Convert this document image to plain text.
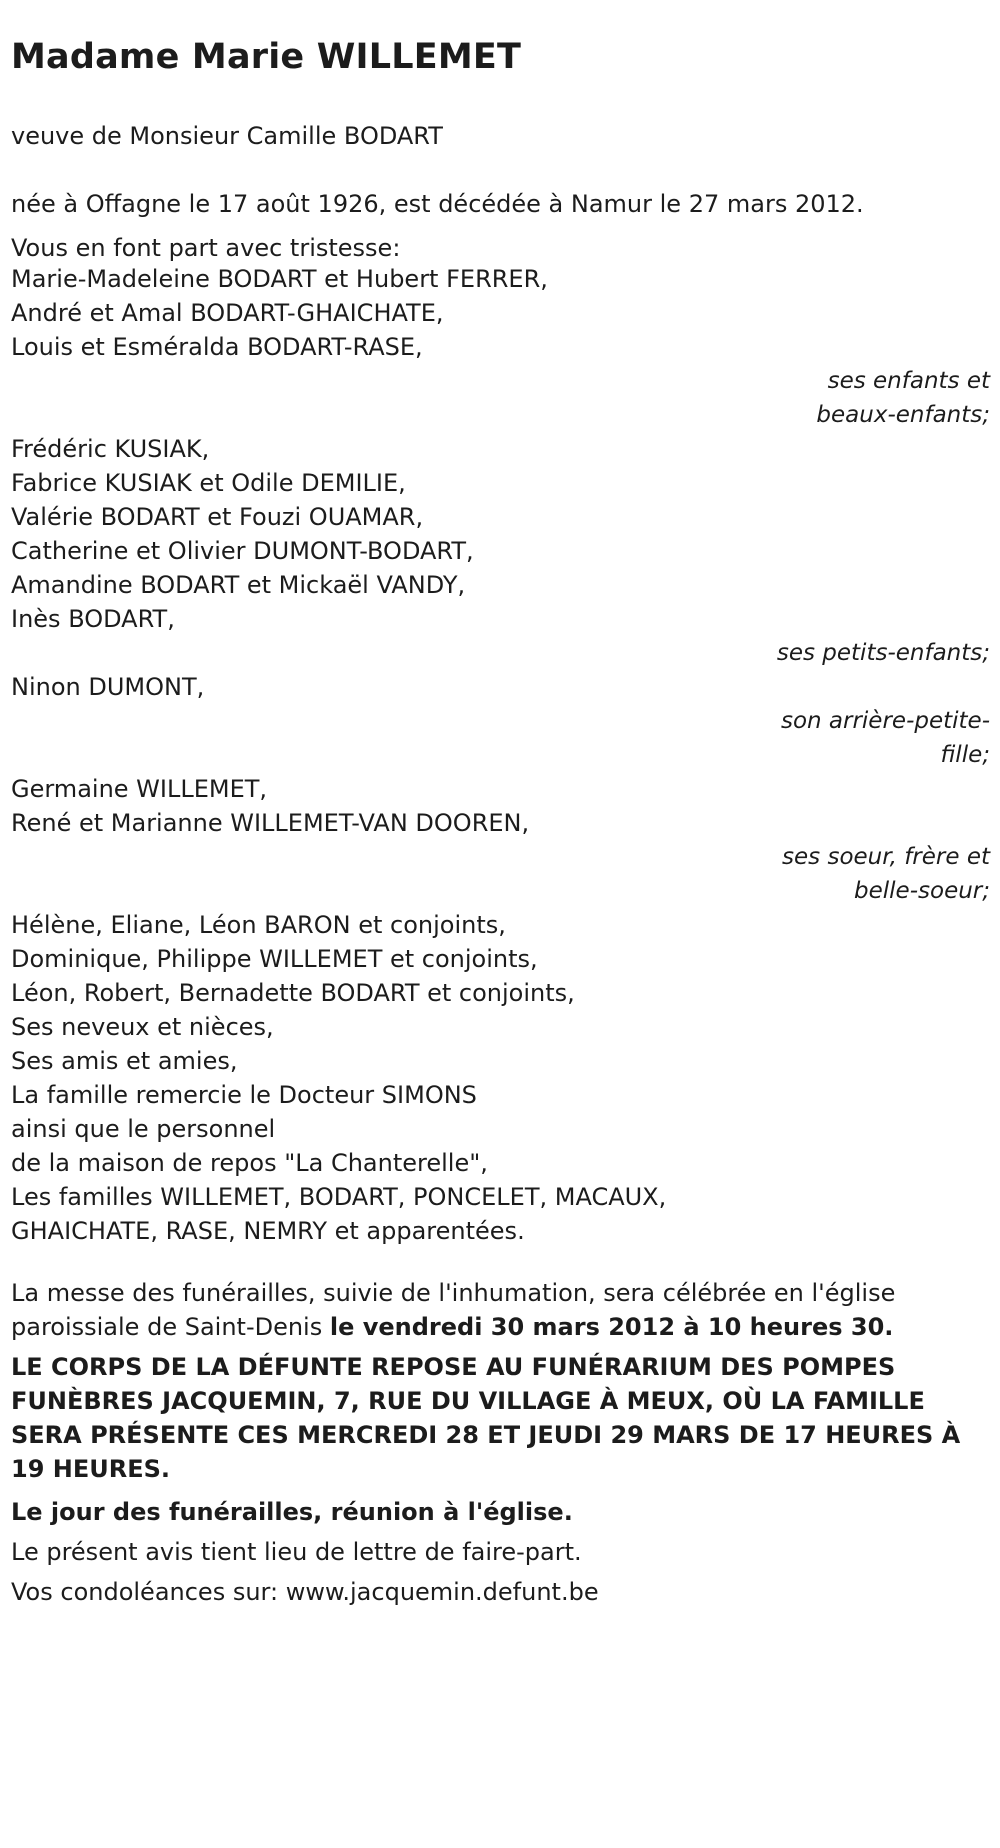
Madame Marie WILLEMET

veuve de Monsieur Camille BODART

née à Offagne le 17 août 1926, est décédée à Namur le 27 mars 2012.

Vous en font part avec tristesse:

Marie-Madeleine BODART et Hubert FERRER,
André et Amal BODART-GHAICHATE,
Louis et Esméralda BODART-RASE,
ses enfants et
beaux-enfants;
Frédéric KUSIAK,
Fabrice KUSIAK et Odile DEMILIE,
Valérie BODART et Fouzi OUAMAR,
Catherine et Olivier DUMONT-BODART,
Amandine BODART et Mickaël VANDY,
Inès BODART,
ses petits-enfants;
Ninon DUMONT,
son arrière-petite-
fille;
Germaine WILLEMET,
René et Marianne WILLEMET-VAN DOOREN,
ses soeur, frère et
belle-soeur;
Hélène, Eliane, Léon BARON et conjoints,
Dominique, Philippe WILLEMET et conjoints,
Léon, Robert, Bernadette BODART et conjoints,
Ses neveux et nièces,
Ses amis et amies,
La famille remercie le Docteur SIMONS
ainsi que le personnel
de la maison de repos "La Chanterelle",
Les familles WILLEMET, BODART, PONCELET, MACAUX,
GHAICHATE, RASE, NEMRY et apparentées.
La messe des funérailles, suivie de l'inhumation, sera célébrée en l'église
paroissiale de Saint-Denis le vendredi 30 mars 2012 à 10 heures 30.

LE CORPS DE LA DÉFUNTE REPOSE AU FUNÉRARIUM DES POMPES FUNÈBRES JACQUEMIN, 7, RUE DU VILLAGE À MEUX, OÙ LA FAMILLE SERA PRÉSENTE CES MERCREDI 28 ET JEUDI 29 MARS DE 17 HEURES À 19 HEURES.

Le jour des funérailles, réunion à l'église.

Le présent avis tient lieu de lettre de faire-part.

Vos condoléances sur: www.jacquemin.defunt.be
